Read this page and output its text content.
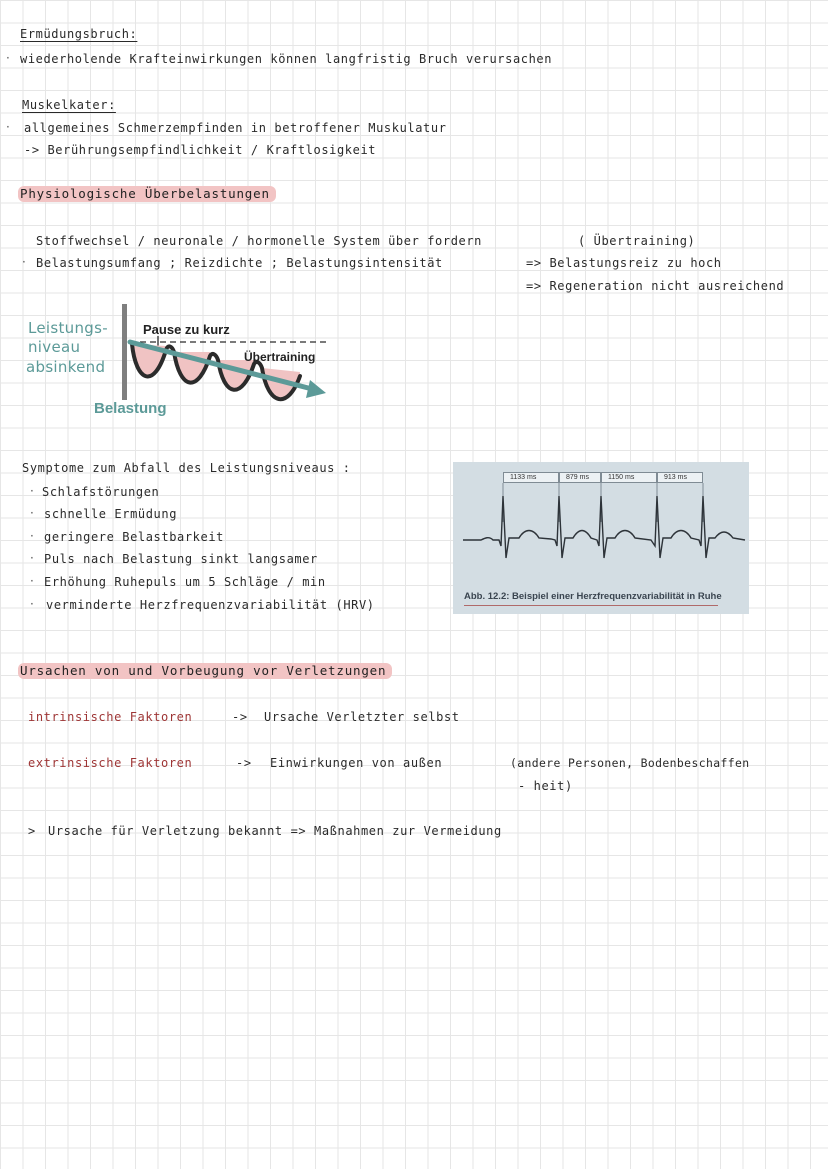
Ermüdungsbruch:
· wiederholende Krafteinwirkungen können langfristig Bruch verursachen
Muskelkater:
· allgemeines Schmerzempfinden in betroffener Muskulatur
-> Berührungsempfindlichkeit / Kraftlosigkeit
Physiologische Überbelastungen
Stoffwechsel / neuronale / hormonelle System über fordern	( Übertraining)
· Belastungsumfang ; Reizdichte ; Belastungsintensität	=> Belastungsreiz zu hoch
=> Regeneration nicht ausreichend
Leistungs-
niveau
absinkend
Pause zu kurz
Übertraining
Belastung
Symptome zum Abfall des Leistungsniveaus :
· Schlafstörungen
· schnelle Ermüdung
· geringere Belastbarkeit
· Puls nach Belastung sinkt langsamer
· Erhöhung Ruhepuls um 5 Schläge / min
· verminderte Herzfrequenzvariabilität (HRV)
1133 ms	879 ms	1150 ms	913 ms
Abb. 12.2: Beispiel einer Herzfrequenzvariabilität in Ruhe
Ursachen von und Vorbeugung vor Verletzungen
intrinsische Faktoren	-> Ursache Verletzter selbst
extrinsische Faktoren	-> Einwirkungen von außen	(andere Personen, Bodenbeschaffen
- heit)
> Ursache für Verletzung bekannt => Maßnahmen zur Vermeidung
